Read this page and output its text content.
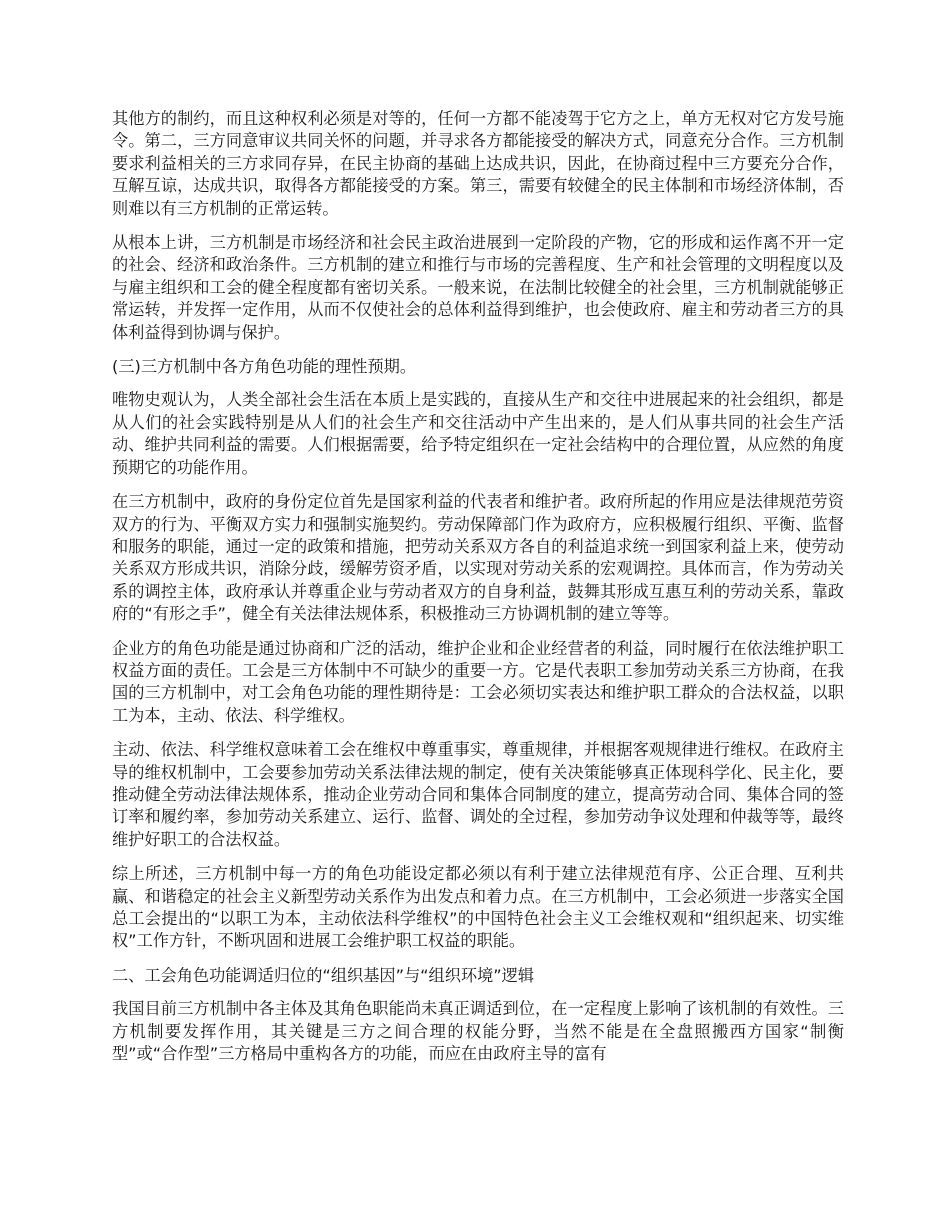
其他方的制约，而且这种权利必须是对等的，任何一方都不能凌驾于它方之上，单方无权对它方发号施令。第二，三方同意审议共同关怀的问题，并寻求各方都能接受的解决方式，同意充分合作。三方机制要求利益相关的三方求同存异，在民主协商的基础上达成共识，因此，在协商过程中三方要充分合作，互解互谅，达成共识，取得各方都能接受的方案。第三，需要有较健全的民主体制和市场经济体制，否则难以有三方机制的正常运转。

从根本上讲，三方机制是市场经济和社会民主政治进展到一定阶段的产物，它的形成和运作离不开一定的社会、经济和政治条件。三方机制的建立和推行与市场的完善程度、生产和社会管理的文明程度以及与雇主组织和工会的健全程度都有密切关系。一般来说，在法制比较健全的社会里，三方机制就能够正常运转，并发挥一定作用，从而不仅使社会的总体利益得到维护，也会使政府、雇主和劳动者三方的具体利益得到协调与保护。

(三)三方机制中各方角色功能的理性预期。

唯物史观认为，人类全部社会生活在本质上是实践的，直接从生产和交往中进展起来的社会组织，都是从人们的社会实践特别是从人们的社会生产和交往活动中产生出来的，是人们从事共同的社会生产活动、维护共同利益的需要。人们根据需要，给予特定组织在一定社会结构中的合理位置，从应然的角度预期它的功能作用。

在三方机制中，政府的身份定位首先是国家利益的代表者和维护者。政府所起的作用应是法律规范劳资双方的行为、平衡双方实力和强制实施契约。劳动保障部门作为政府方，应积极履行组织、平衡、监督和服务的职能，通过一定的政策和措施，把劳动关系双方各自的利益追求统一到国家利益上来，使劳动关系双方形成共识，消除分歧，缓解劳资矛盾，以实现对劳动关系的宏观调控。具体而言，作为劳动关系的调控主体，政府承认并尊重企业与劳动者双方的自身利益，鼓舞其形成互惠互利的劳动关系，靠政府的“有形之手”，健全有关法律法规体系，积极推动三方协调机制的建立等等。

企业方的角色功能是通过协商和广泛的活动，维护企业和企业经营者的利益，同时履行在依法维护职工权益方面的责任。工会是三方体制中不可缺少的重要一方。它是代表职工参加劳动关系三方协商，在我国的三方机制中，对工会角色功能的理性期待是：工会必须切实表达和维护职工群众的合法权益，以职工为本，主动、依法、科学维权。

主动、依法、科学维权意味着工会在维权中尊重事实，尊重规律，并根据客观规律进行维权。在政府主导的维权机制中，工会要参加劳动关系法律法规的制定，使有关决策能够真正体现科学化、民主化，要推动健全劳动法律法规体系，推动企业劳动合同和集体合同制度的建立，提高劳动合同、集体合同的签订率和履约率，参加劳动关系建立、运行、监督、调处的全过程，参加劳动争议处理和仲裁等等，最终维护好职工的合法权益。

综上所述，三方机制中每一方的角色功能设定都必须以有利于建立法律规范有序、公正合理、互利共赢、和谐稳定的社会主义新型劳动关系作为出发点和着力点。在三方机制中，工会必须进一步落实全国总工会提出的“以职工为本，主动依法科学维权”的中国特色社会主义工会维权观和“组织起来、切实维权”工作方针，不断巩固和进展工会维护职工权益的职能。

二、工会角色功能调适归位的“组织基因”与“组织环境”逻辑

我国目前三方机制中各主体及其角色职能尚未真正调适到位，在一定程度上影响了该机制的有效性。三方机制要发挥作用，其关键是三方之间合理的权能分野，当然不能是在全盘照搬西方国家“制衡型”或“合作型”三方格局中重构各方的功能，而应在由政府主导的富有
